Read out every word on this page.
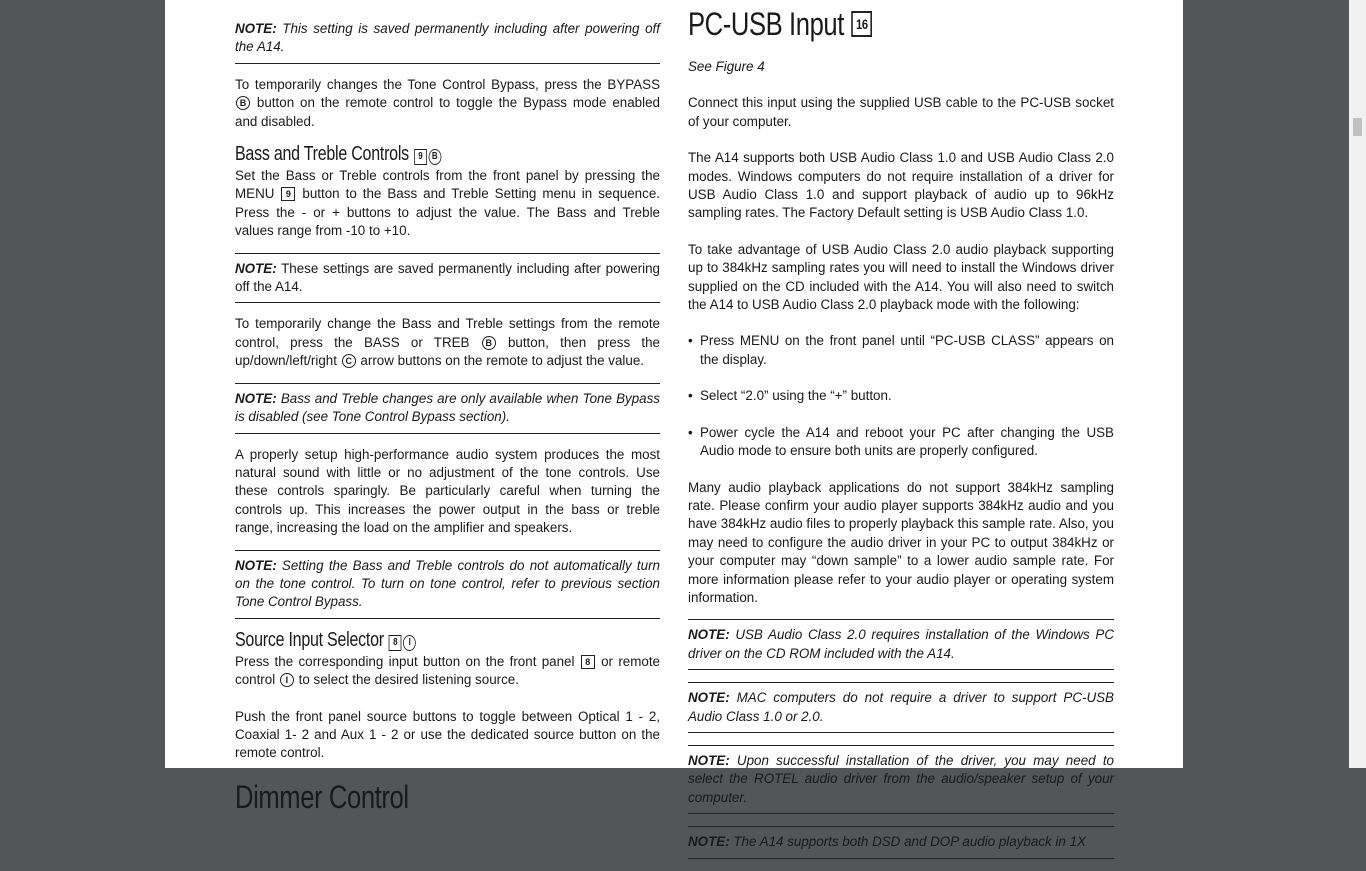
NOTE: This setting is saved permanently including after powering off the A14.

To temporarily changes the Tone Control Bypass, press the BYPASS B button on the remote control to toggle the Bypass mode enabled and disabled.

Bass and Treble Controls 9 B

Set the Bass or Treble controls from the front panel by pressing the MENU 9 button to the Bass and Treble Setting menu in sequence. Press the - or + buttons to adjust the value. The Bass and Treble values range from -10 to +10.

NOTE: These settings are saved permanently including after powering off the A14.

To temporarily change the Bass and Treble settings from the remote control, press the BASS or TREB B button, then press the up/down/left/right C arrow buttons on the remote to adjust the value.

NOTE: Bass and Treble changes are only available when Tone Bypass is disabled (see Tone Control Bypass section).

A properly setup high-performance audio system produces the most natural sound with little or no adjustment of the tone controls. Use these controls sparingly. Be particularly careful when turning the controls up. This increases the power output in the bass or treble range, increasing the load on the amplifier and speakers.

NOTE: Setting the Bass and Treble controls do not automatically turn on the tone control. To turn on tone control, refer to previous section Tone Control Bypass.
Source Input Selector 8 I

Press the corresponding input button on the front panel 8 or remote control I to select the desired listening source.

Push the front panel source buttons to toggle between Optical 1 - 2, Coaxial 1- 2 and Aux 1 - 2 or use the dedicated source button on the remote control.

Dimmer Control
PC-USB Input 16

See Figure 4

Connect this input using the supplied USB cable to the PC-USB socket of your computer.

The A14 supports both USB Audio Class 1.0 and USB Audio Class 2.0 modes. Windows computers do not require installation of a driver for USB Audio Class 1.0 and support playback of audio up to 96kHz sampling rates. The Factory Default setting is USB Audio Class 1.0.

To take advantage of USB Audio Class 2.0 audio playback supporting up to 384kHz sampling rates you will need to install the Windows driver supplied on the CD included with the A14. You will also need to switch the A14 to USB Audio Class 2.0 playback mode with the following:

• Press MENU on the front panel until “PC-USB CLASS” appears on the display.
• Select “2.0” using the “+” button.
• Power cycle the A14 and reboot your PC after changing the USB Audio mode to ensure both units are properly configured.

Many audio playback applications do not support 384kHz sampling rate. Please confirm your audio player supports 384kHz audio and you have 384kHz audio files to properly playback this sample rate. Also, you may need to configure the audio driver in your PC to output 384kHz or your computer may “down sample” to a lower audio sample rate. For more information please refer to your audio player or operating system information.

NOTE: USB Audio Class 2.0 requires installation of the Windows PC driver on the CD ROM included with the A14.
NOTE: MAC computers do not require a driver to support PC-USB Audio Class 1.0 or 2.0.
NOTE: Upon successful installation of the driver, you may need to select the ROTEL audio driver from the audio/speaker setup of your computer.
NOTE: The A14 supports both DSD and DOP audio playback in 1X
